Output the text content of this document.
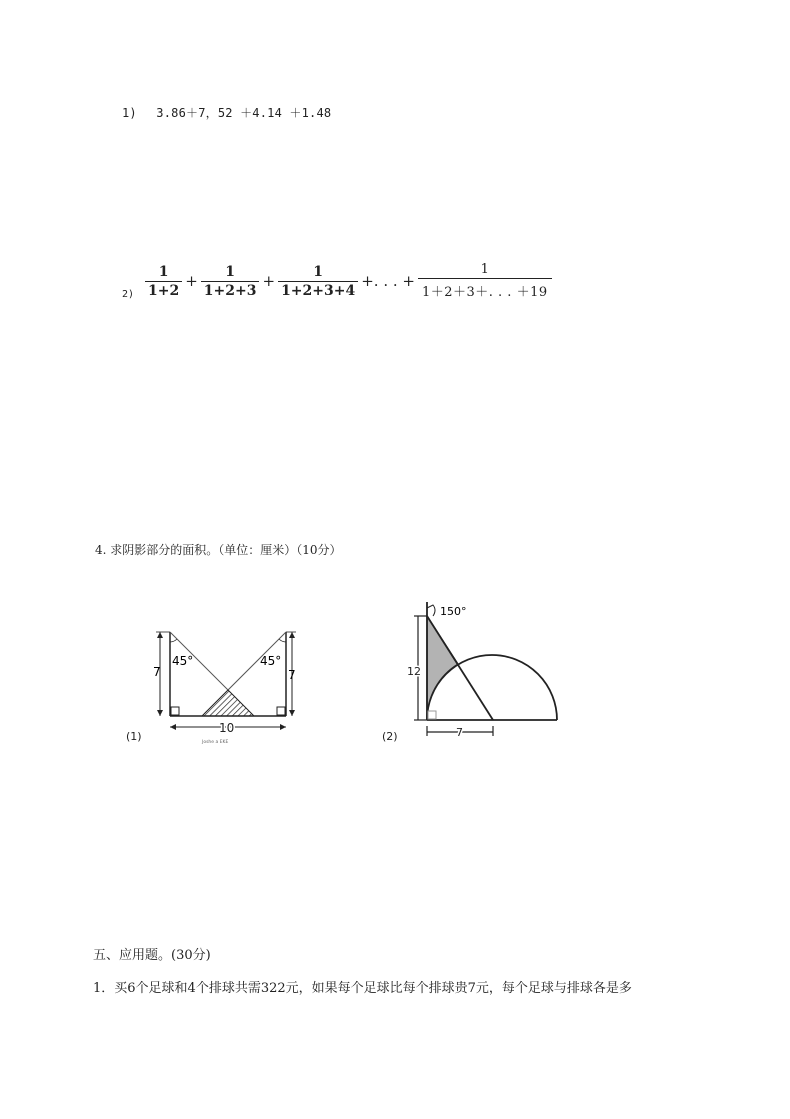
1) 3.86＋7，52 ＋4.14 ＋1.48
$2) \frac{1}{1+2} + \frac{1}{1+2+3} + \frac{1}{1+2+3+4}$ +. . . + $\frac{1}{1+2+3+. . . +19}$
4. 求阴影部分的面积。（单位：厘米）（10分）
7	7
45°	45°
10
Joshe a EKE
(1)
12
7
150°
(2)
五、应用题。(30分)
1．买6个足球和4个排球共需322元，如果每个足球比每个排球贵7元，每个足球与排球各是多
